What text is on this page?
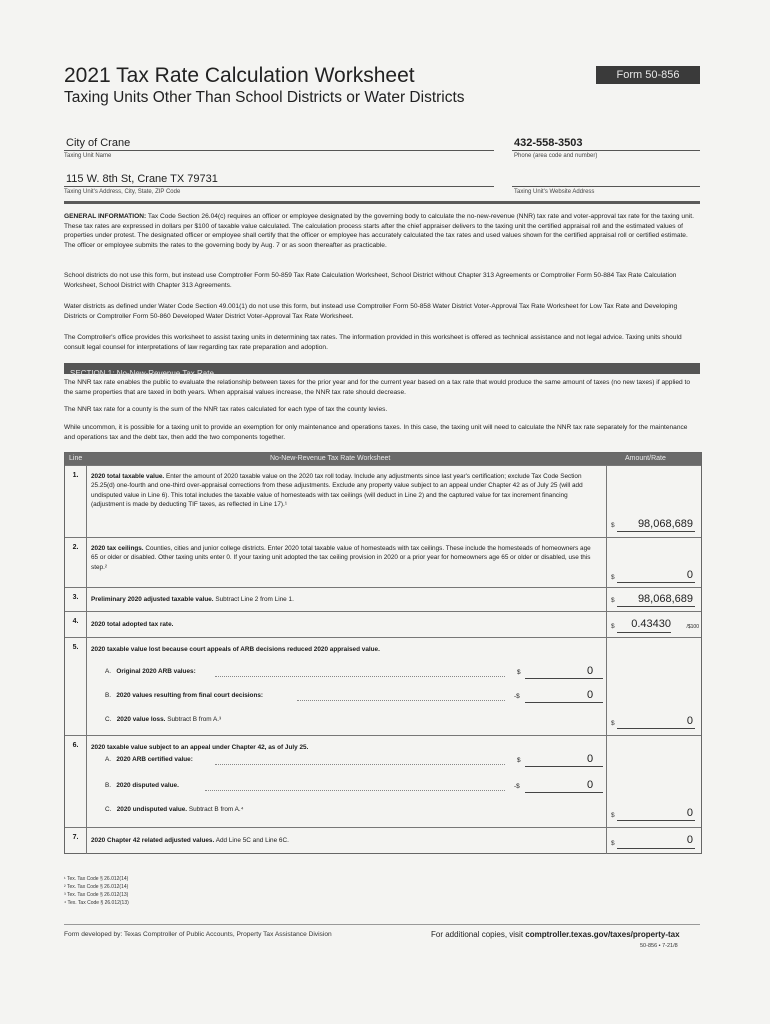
2021 Tax Rate Calculation Worksheet
Taxing Units Other Than School Districts or Water Districts
Form 50-856
City of Crane
Taxing Unit Name
432-558-3503
Phone (area code and number)
115 W. 8th St, Crane TX 79731
Taxing Unit's Address, City, State, ZIP Code	Taxing Unit's Website Address
GENERAL INFORMATION: Tax Code Section 26.04(c) requires an officer or employee designated by the governing body to calculate the no-new-revenue (NNR) tax rate and voter-approval tax rate for the taxing unit. These tax rates are expressed in dollars per $100 of taxable value calculated. The calculation process starts after the chief appraiser delivers to the taxing unit the certified appraisal roll and the estimated values of properties under protest. The designated officer or employee shall certify that the officer or employee has accurately calculated the tax rates and used values shown for the certified appraisal roll or certified estimate. The officer or employee submits the rates to the governing body by Aug. 7 or as soon thereafter as practicable.
School districts do not use this form, but instead use Comptroller Form 50-859 Tax Rate Calculation Worksheet, School District without Chapter 313 Agreements or Comptroller Form 50-884 Tax Rate Calculation Worksheet, School District with Chapter 313 Agreements.
Water districts as defined under Water Code Section 49.001(1) do not use this form, but instead use Comptroller Form 50-858 Water District Voter-Approval Tax Rate Worksheet for Low Tax Rate and Developing Districts or Comptroller Form 50-860 Developed Water District Voter-Approval Tax Rate Worksheet.
The Comptroller's office provides this worksheet to assist taxing units in determining tax rates. The information provided in this worksheet is offered as technical assistance and not legal advice. Taxing units should consult legal counsel for interpretations of law regarding tax rate preparation and adoption.
SECTION 1: No-New-Revenue Tax Rate
The NNR tax rate enables the public to evaluate the relationship between taxes for the prior year and for the current year based on a tax rate that would produce the same amount of taxes (no new taxes) if applied to the same properties that are taxed in both years. When appraisal values increase, the NNR tax rate should decrease.
The NNR tax rate for a county is the sum of the NNR tax rates calculated for each type of tax the county levies.
While uncommon, it is possible for a taxing unit to provide an exemption for only maintenance and operations taxes. In this case, the taxing unit will need to calculate the NNR tax rate separately for the maintenance and operations tax and the debt tax, then add the two components together.
Line	No-New-Revenue Tax Rate Worksheet	Amount/Rate
1.	2020 total taxable value. Enter the amount of 2020 taxable value on the 2020 tax roll today. Include any adjustments since last year's certification; exclude Tax Code Section 25.25(d) one-fourth and one-third over-appraisal corrections from these adjustments. Exclude any property value subject to an appeal under Chapter 42 as of July 25 (will add undisputed value in Line 6). This total includes the taxable value of homesteads with tax ceilings (will deduct in Line 2) and the captured value for tax increment financing (adjustment is made by deducting TIF taxes, as reflected in Line 17).¹
$ 98,068,689
2.	2020 tax ceilings. Counties, cities and junior college districts. Enter 2020 total taxable value of homesteads with tax ceilings. These include the homesteads of homeowners age 65 or older or disabled. Other taxing units enter 0. If your taxing unit adopted the tax ceiling provision in 2020 or a prior year for homeowners age 65 or older or disabled, use this step.²
$	0
3.	Preliminary 2020 adjusted taxable value. Subtract Line 2 from Line 1.	$ 98,068,689
4.	2020 total adopted tax rate.	$ 0.43430	/$100
5.	2020 taxable value lost because court appeals of ARB decisions reduced 2020 appraised value.
A. Original 2020 ARB values:	$	0
B. 2020 values resulting from final court decisions:	-$	0
C. 2020 value loss. Subtract B from A.³
$	0
6.	2020 taxable value subject to an appeal under Chapter 42, as of July 25.
A. 2020 ARB certified value:	$	0
B. 2020 disputed value.	-$	0
C. 2020 undisputed value. Subtract B from A.⁴
$	0
7.	2020 Chapter 42 related adjusted values. Add Line 5C and Line 6C.	$	0
¹ Tex. Tax Code § 26.012(14)
² Tex. Tax Code § 26.012(14)
³ Tex. Tax Code § 26.012(13)
⁴ Tex. Tax Code § 26.012(13)
Form developed by: Texas Comptroller of Public Accounts, Property Tax Assistance Division	For additional copies, visit comptroller.texas.gov/taxes/property-tax
50-856 • 7-21/8
